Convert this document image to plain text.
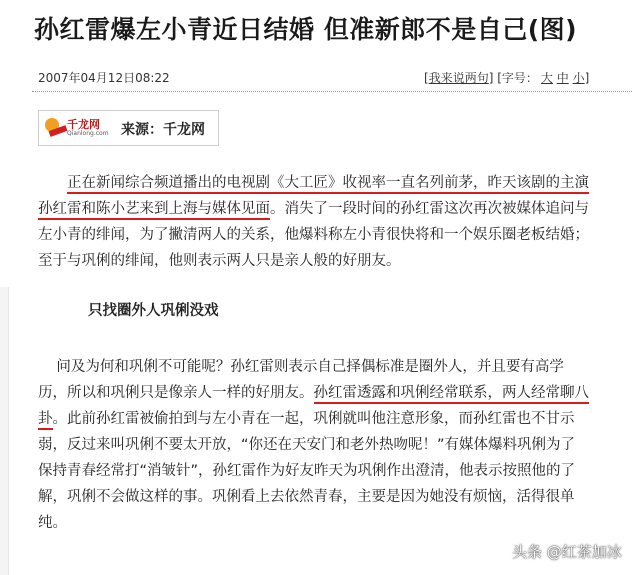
孙红雷爆左小青近日结婚 但准新郎不是自己(图)
2007年04月12日08:22	[我来说两句] [字号： 大 中 小]
千龙网
Qianlong.com 来源：千龙网
正在新闻综合频道播出的电视剧《大工匠》收视率一直名列前茅，昨天该剧的主演
孙红雷和陈小艺来到上海与媒体见面。消失了一段时间的孙红雷这次再次被媒体追问与
左小青的绯闻，为了撇清两人的关系，他爆料称左小青很快将和一个娱乐圈老板结婚；
至于与巩俐的绯闻，他则表示两人只是亲人般的好朋友。
只找圈外人巩俐没戏
问及为何和巩俐不可能呢？孙红雷则表示自己择偶标准是圈外人，并且要有高学
历，所以和巩俐只是像亲人一样的好朋友。孙红雷透露和巩俐经常联系，两人经常聊八
卦。此前孙红雷被偷拍到与左小青在一起，巩俐就叫他注意形象，而孙红雷也不甘示
弱，反过来叫巩俐不要太开放，“你还在天安门和老外热吻呢！”有媒体爆料巩俐为了
保持青春经常打“消皱针”，孙红雷作为好友昨天为巩俐作出澄清，他表示按照他的了
解，巩俐不会做这样的事。巩俐看上去依然青春，主要是因为她没有烦恼，活得很单
纯。
头条 @红茶加冰
